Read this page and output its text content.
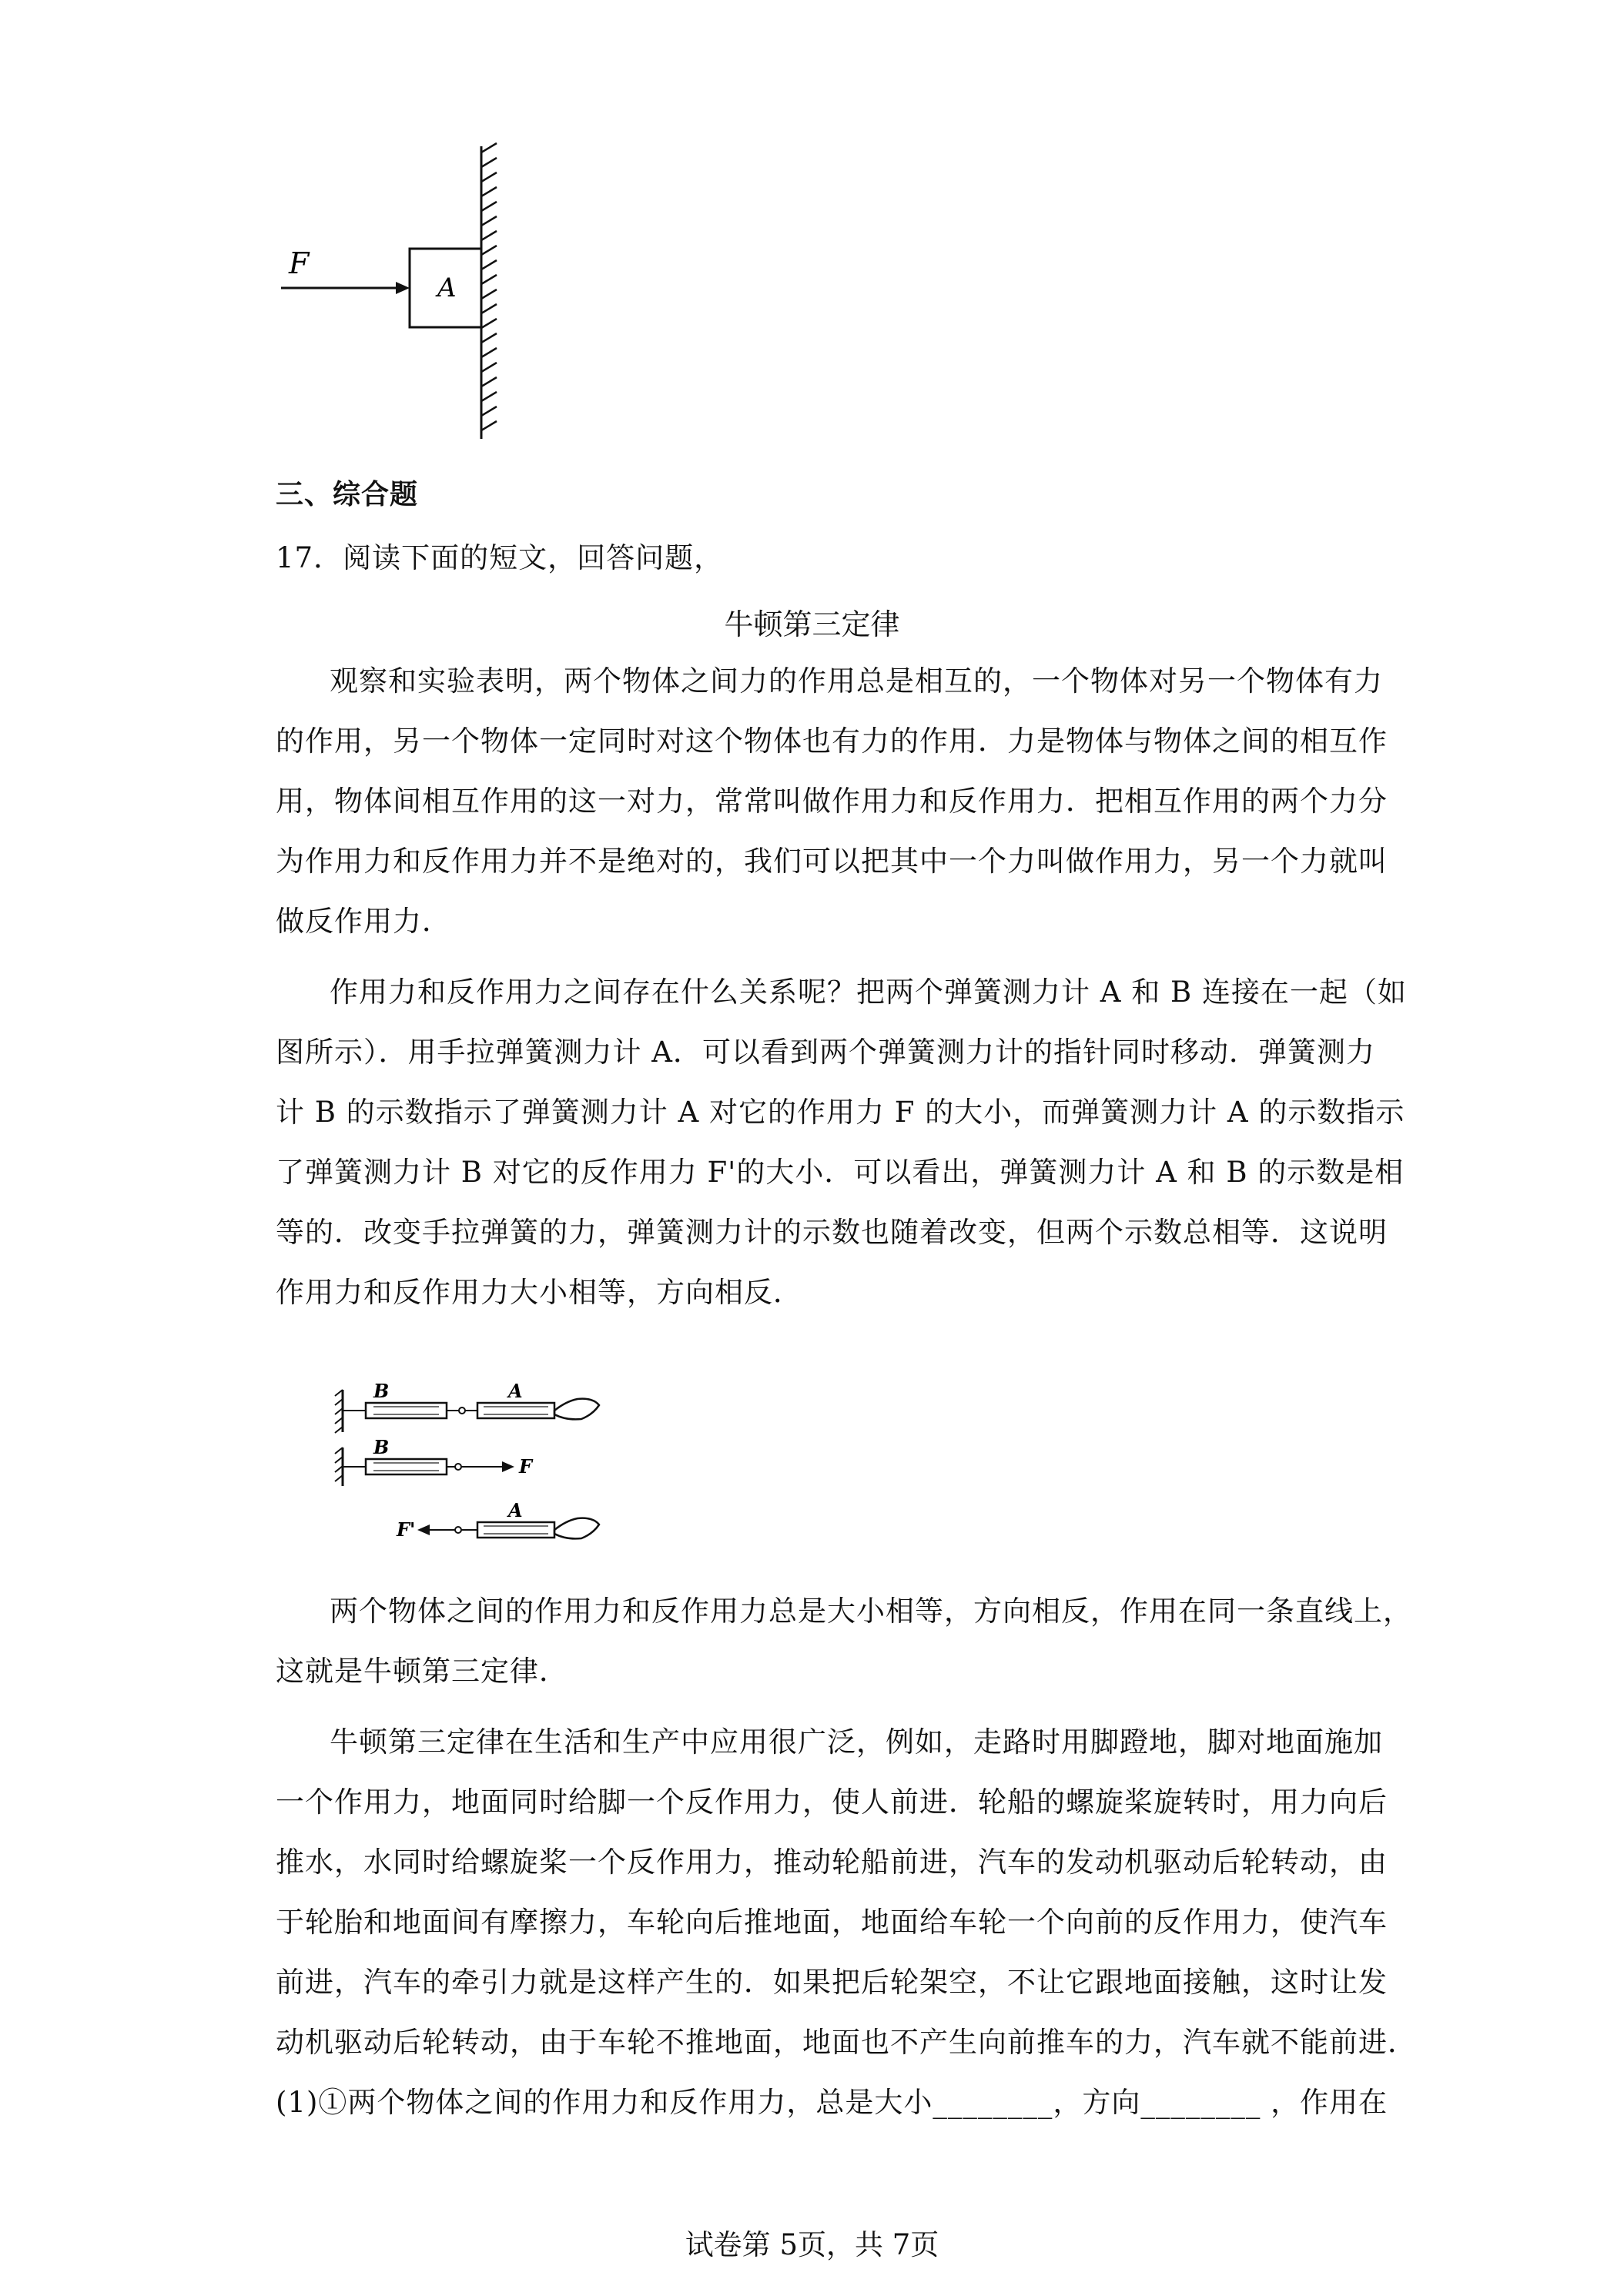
A
F
三、综合题
17．阅读下面的短文，回答问题，
牛顿第三定律
观察和实验表明，两个物体之间力的作用总是相互的，一个物体对另一个物体有力
的作用，另一个物体一定同时对这个物体也有力的作用．力是物体与物体之间的相互作
用，物体间相互作用的这一对力，常常叫做作用力和反作用力．把相互作用的两个力分
为作用力和反作用力并不是绝对的，我们可以把其中一个力叫做作用力，另一个力就叫
做反作用力．
作用力和反作用力之间存在什么关系呢？把两个弹簧测力计 A 和 B 连接在一起（如
图所示）．用手拉弹簧测力计 A．可以看到两个弹簧测力计的指针同时移动．弹簧测力
计 B 的示数指示了弹簧测力计 A 对它的作用力 F 的大小，而弹簧测力计 A 的示数指示
了弹簧测力计 B 对它的反作用力 F'的大小．可以看出，弹簧测力计 A 和 B 的示数是相
等的．改变手拉弹簧的力，弹簧测力计的示数也随着改变，但两个示数总相等．这说明
作用力和反作用力大小相等，方向相反．
B	A
B
F
F'
A
两个物体之间的作用力和反作用力总是大小相等，方向相反，作用在同一条直线上，
这就是牛顿第三定律．
牛顿第三定律在生活和生产中应用很广泛，例如，走路时用脚蹬地，脚对地面施加
一个作用力，地面同时给脚一个反作用力，使人前进．轮船的螺旋桨旋转时，用力向后
推水，水同时给螺旋桨一个反作用力，推动轮船前进，汽车的发动机驱动后轮转动，由
于轮胎和地面间有摩擦力，车轮向后推地面，地面给车轮一个向前的反作用力，使汽车
前进，汽车的牵引力就是这样产生的．如果把后轮架空，不让它跟地面接触，这时让发
动机驱动后轮转动，由于车轮不推地面，地面也不产生向前推车的力，汽车就不能前进．
(1)①两个物体之间的作用力和反作用力，总是大小________，方向________ ，作用在
试卷第 5页，共 7页
